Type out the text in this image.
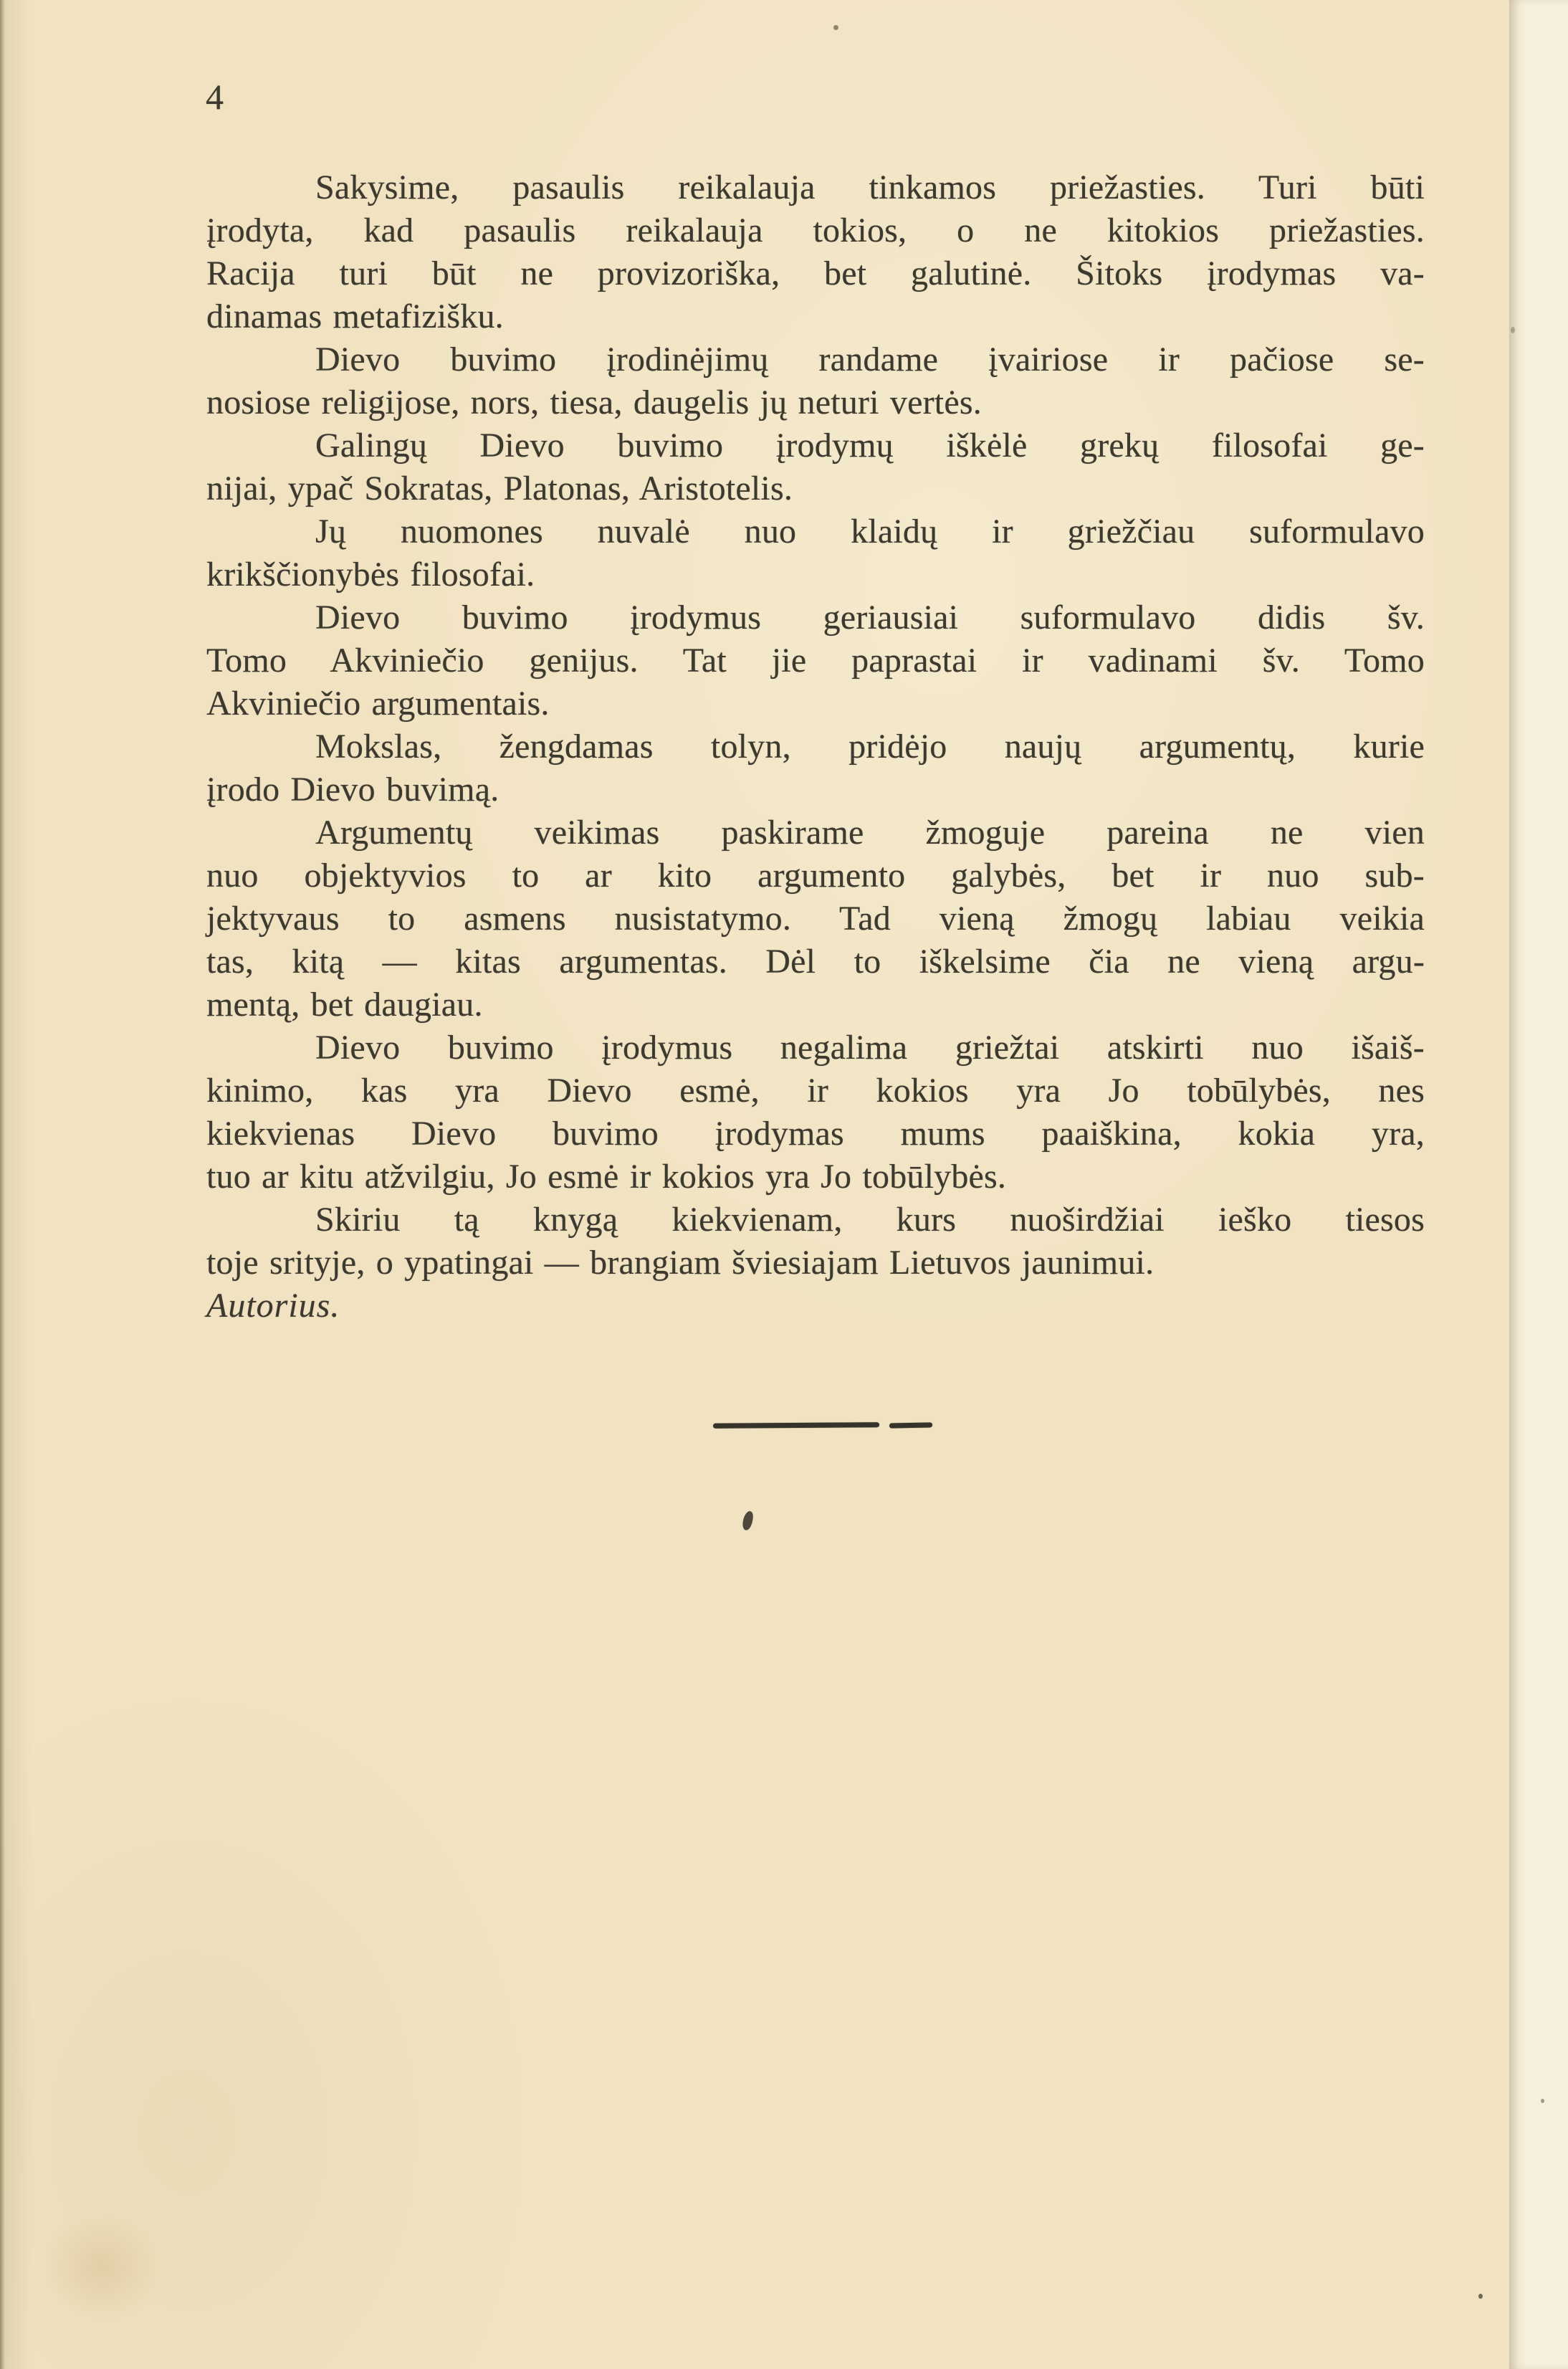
4
Sakysime, pasaulis reikalauja tinkamos priežasties. Turi būti
įrodyta, kad pasaulis reikalauja tokios, o ne kitokios priežasties.
Racija turi būt ne provizoriška, bet galutinė. Šitoks įrodymas va-
dinamas metafizišku.
Dievo buvimo įrodinėjimų randame įvairiose ir pačiose se-
nosiose religijose, nors, tiesa, daugelis jų neturi vertės.
Galingų Dievo buvimo įrodymų iškėlė grekų filosofai ge-
nijai, ypač Sokratas, Platonas, Aristotelis.
Jų nuomones nuvalė nuo klaidų ir griežčiau suformulavo
krikščionybės filosofai.
Dievo buvimo įrodymus geriausiai suformulavo didis šv.
Tomo Akviniečio genijus. Tat jie paprastai ir vadinami šv. Tomo
Akviniečio argumentais.
Mokslas, žengdamas tolyn, pridėjo naujų argumentų, kurie
įrodo Dievo buvimą.
Argumentų veikimas paskirame žmoguje pareina ne vien
nuo objektyvios to ar kito argumento galybės, bet ir nuo sub-
jektyvaus to asmens nusistatymo. Tad vieną žmogų labiau veikia
tas, kitą — kitas argumentas. Dėl to iškelsime čia ne vieną argu-
mentą, bet daugiau.
Dievo buvimo įrodymus negalima griežtai atskirti nuo išaiš-
kinimo, kas yra Dievo esmė, ir kokios yra Jo tobūlybės, nes
kiekvienas Dievo buvimo įrodymas mums paaiškina, kokia yra,
tuo ar kitu atžvilgiu, Jo esmė ir kokios yra Jo tobūlybės.
Skiriu tą knygą kiekvienam, kurs nuoširdžiai ieško tiesos
toje srityje, o ypatingai — brangiam šviesiajam Lietuvos jaunimui.
Autorius.
